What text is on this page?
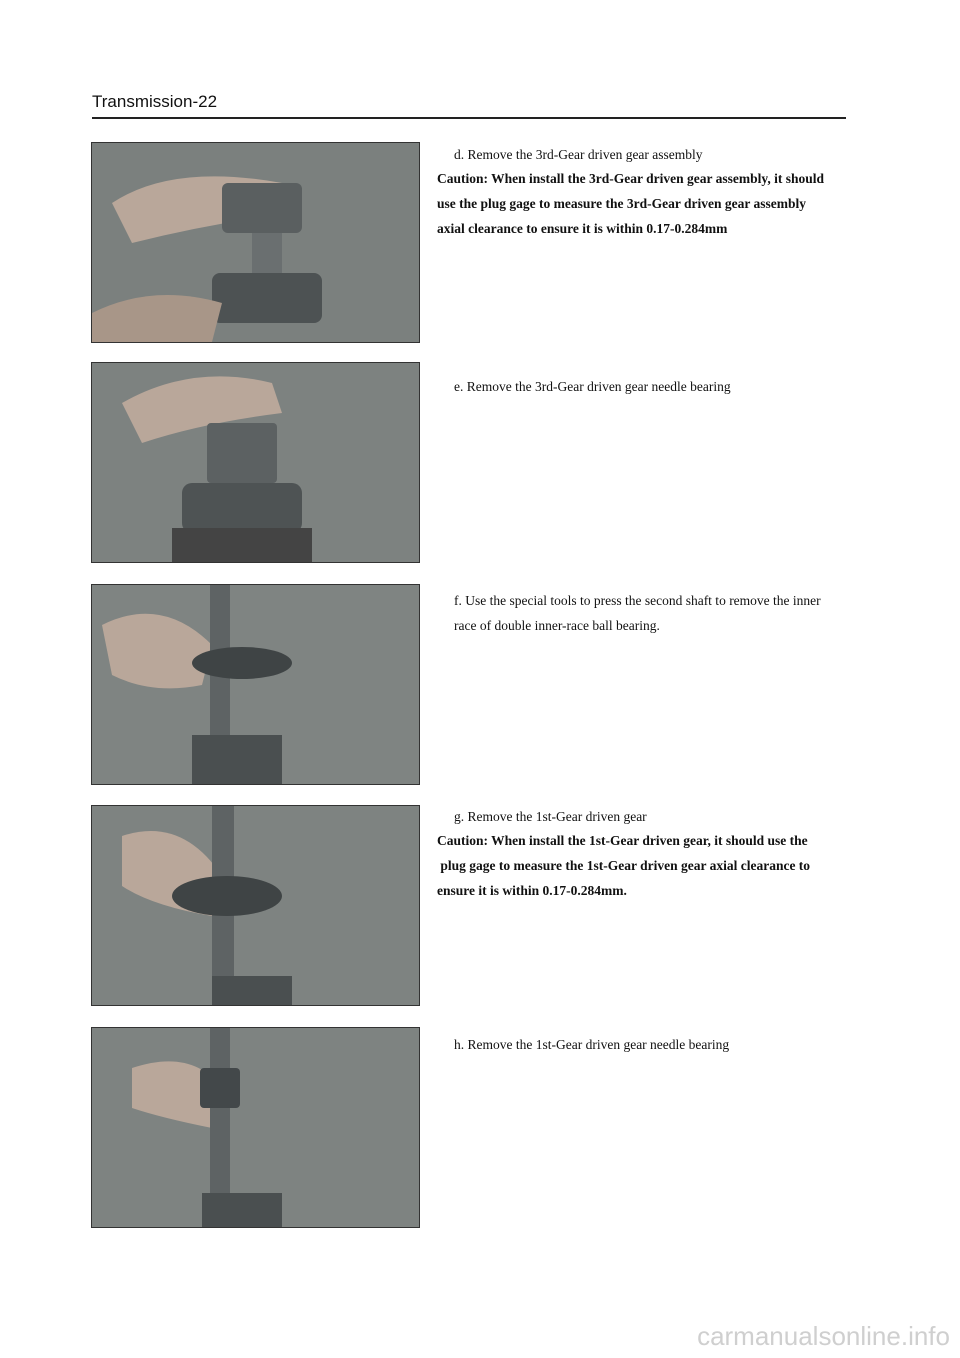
Transmission-22
d. Remove the 3rd-Gear driven gear assembly
Caution: When install the 3rd-Gear driven gear assembly, it should
use the plug gage to measure the 3rd-Gear driven gear assembly
axial clearance to ensure it is within 0.17-0.284mm
e. Remove the 3rd-Gear driven gear needle bearing
f. Use the special tools to press the second shaft to remove the inner
race of double inner-race ball bearing.
g. Remove the 1st-Gear driven gear
Caution: When install the 1st-Gear driven gear, it should use the
plug gage to measure the 1st-Gear driven gear axial clearance to
ensure it is within 0.17-0.284mm.
h. Remove the 1st-Gear driven gear needle bearing
carmanualsonline.info
